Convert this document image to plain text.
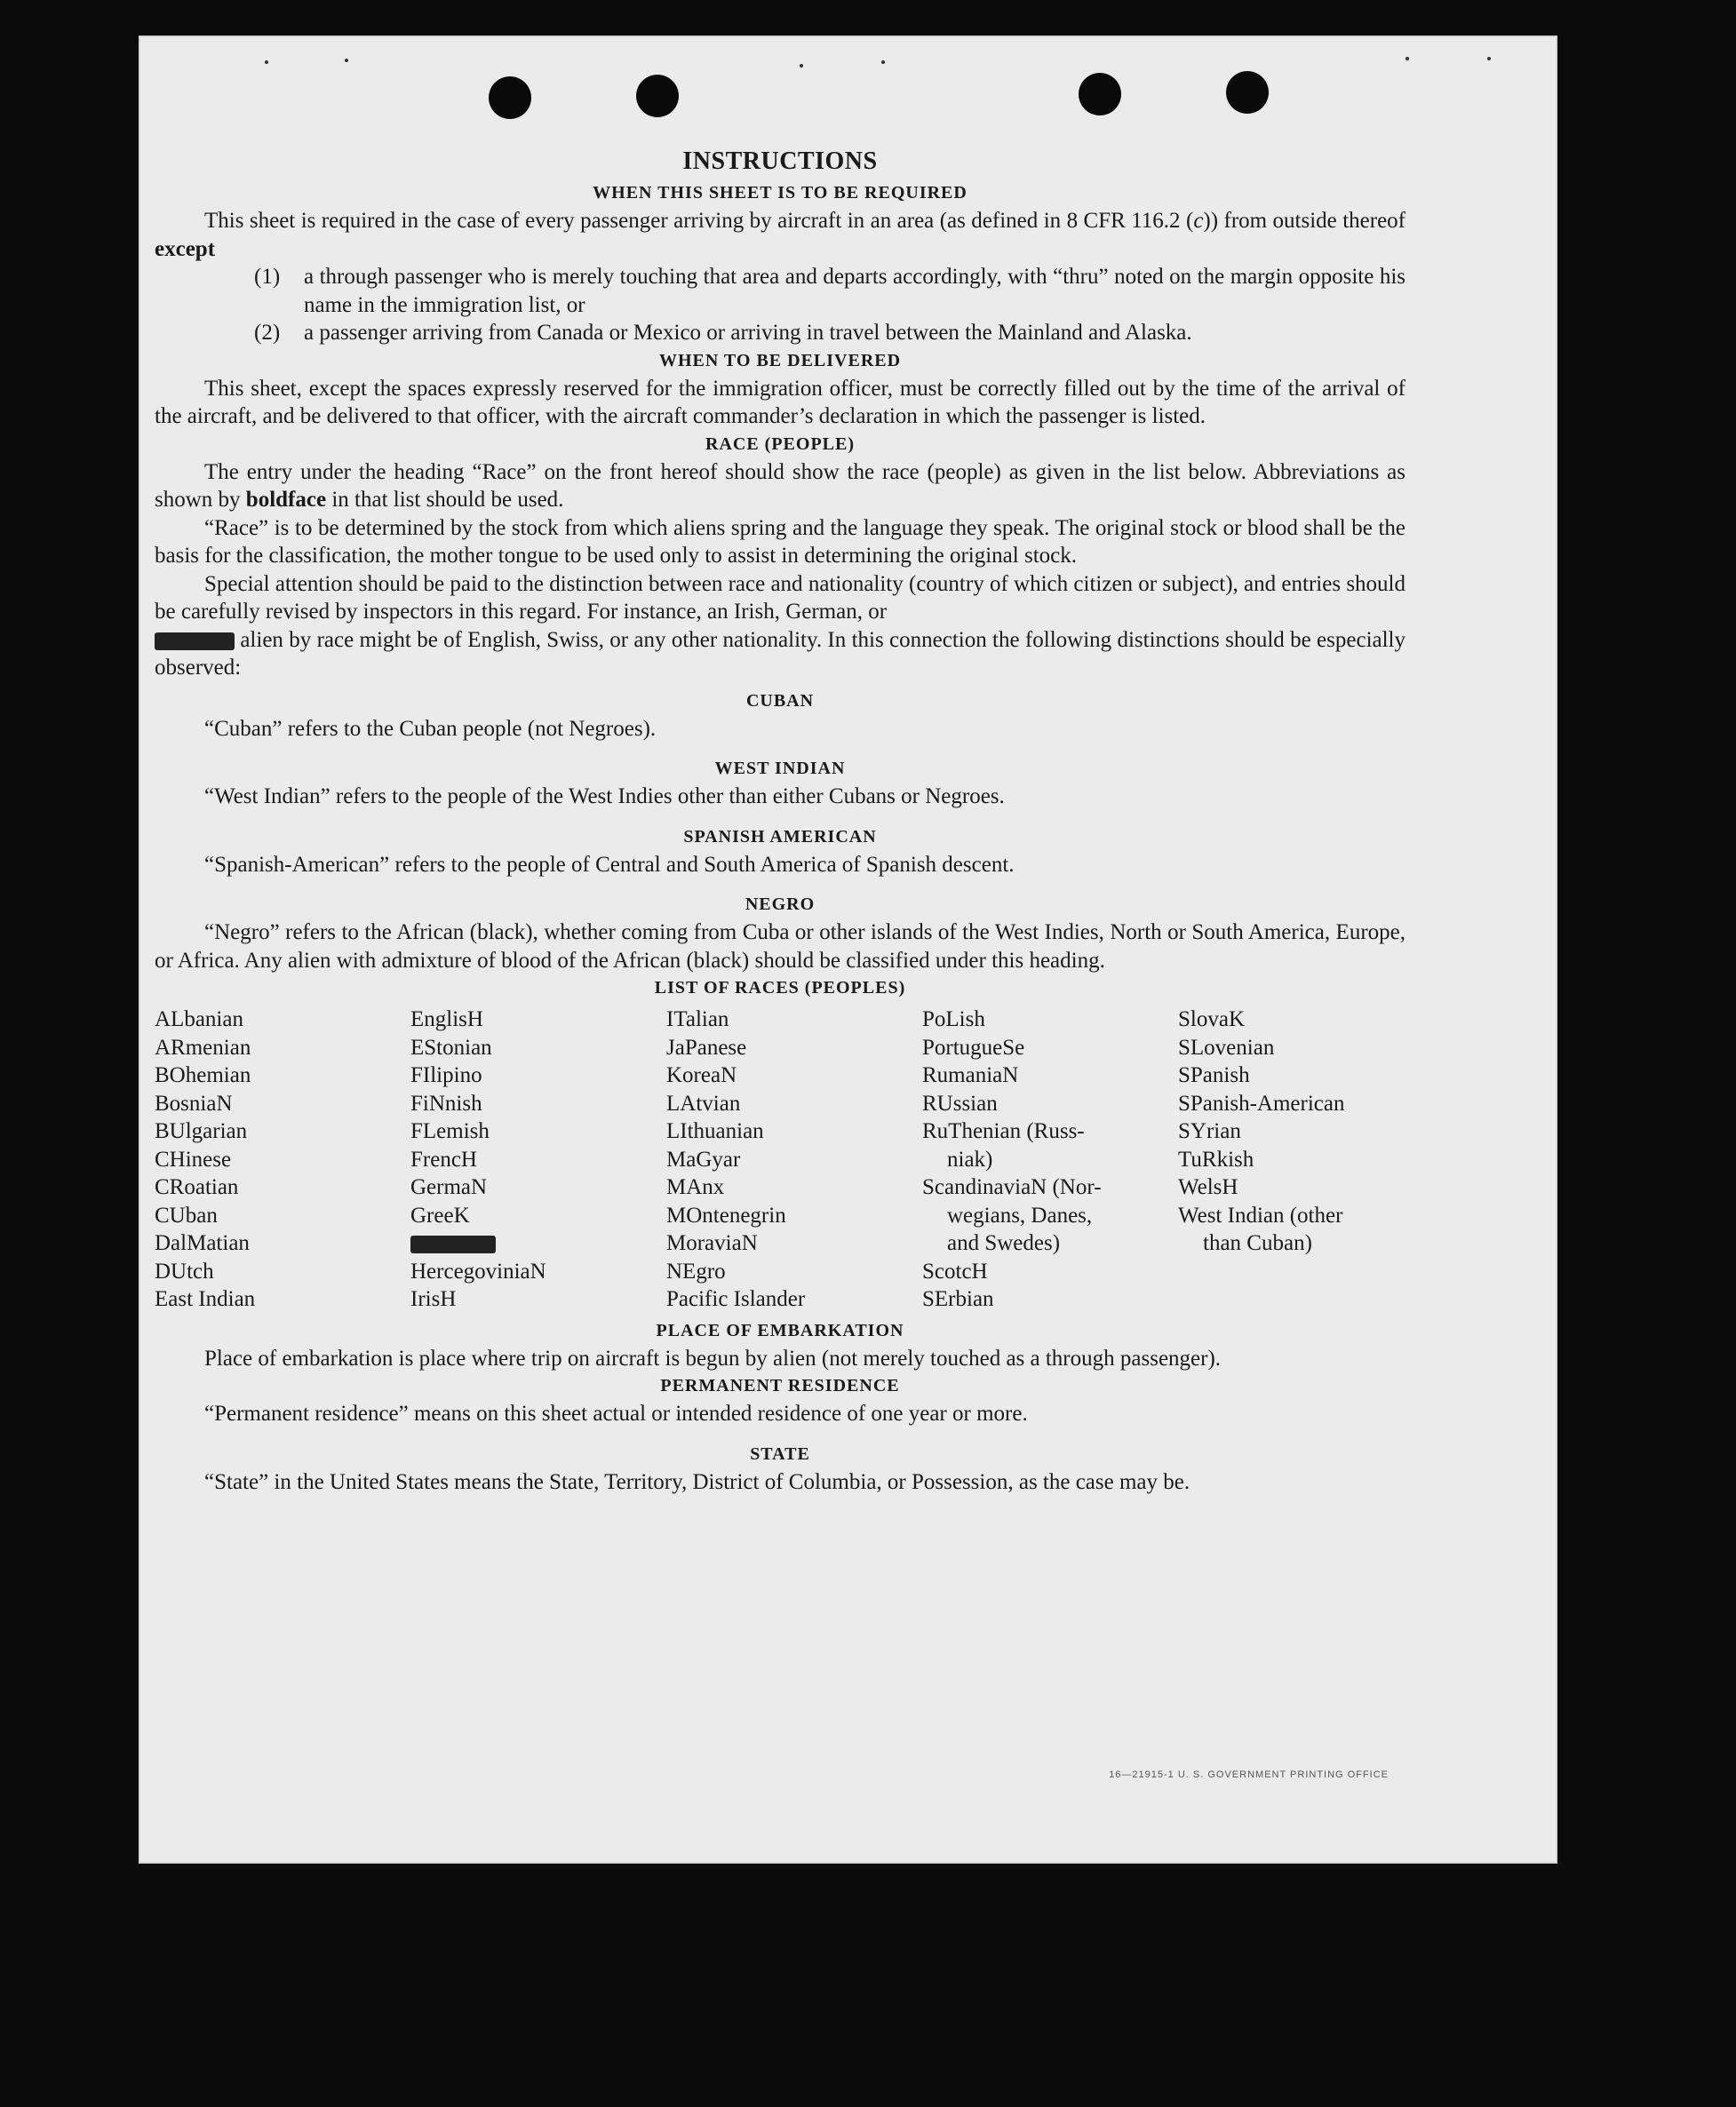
INSTRUCTIONS
WHEN THIS SHEET IS TO BE REQUIRED

This sheet is required in the case of every passenger arriving by aircraft in an area (as defined in 8 CFR 116.2 (c)) from outside thereof except

(1)	a through passenger who is merely touching that area and departs accordingly, with “thru” noted on the margin opposite his name in the immigration list, or
(2)	a passenger arriving from Canada or Mexico or arriving in travel between the Mainland and Alaska.
WHEN TO BE DELIVERED

This sheet, except the spaces expressly reserved for the immigration officer, must be correctly filled out by the time of the arrival of the aircraft, and be delivered to that officer, with the aircraft commander’s declaration in which the passenger is listed.

RACE (PEOPLE)

The entry under the heading “Race” on the front hereof should show the race (people) as given in the list below. Abbreviations as shown by boldface in that list should be used.

“Race” is to be determined by the stock from which aliens spring and the language they speak. The original stock or blood shall be the basis for the classification, the mother tongue to be used only to assist in determining the original stock.

Special attention should be paid to the distinction between race and nationality (country of which citizen or subject), and entries should be carefully revised by inspectors in this regard. For instance, an Irish, German, or
alien by race might be of English, Swiss, or any other nationality. In this connection the following distinctions should be especially observed:

CUBAN

“Cuban” refers to the Cuban people (not Negroes).

WEST INDIAN

“West Indian” refers to the people of the West Indies other than either Cubans or Negroes.

SPANISH AMERICAN

“Spanish-American” refers to the people of Central and South America of Spanish descent.

NEGRO

“Negro” refers to the African (black), whether coming from Cuba or other islands of the West Indies, North or South America, Europe, or Africa. Any alien with admixture of blood of the African (black) should be classified under this heading.

LIST OF RACES (PEOPLES)
ALbanian
ARmenian
BOhemian
BosniaN
BUlgarian
CHinese
CRoatian
CUban
DalMatian
DUtch
East Indian
EnglisH
EStonian
FIlipino
FiNnish
FLemish
FrencH
GermaN
GreeK
HercegoviniaN
IrisH
ITalian
JaPanese
KoreaN
LAtvian
LIthuanian
MaGyar
MAnx
MOntenegrin
MoraviaN
NEgro
Pacific Islander
PoLish
PortugueSe
RumaniaN
RUssian
RuThenian (Russ-
niak)
ScandinaviaN (Nor-
wegians, Danes,
and Swedes)
ScotcH
SErbian
SlovaK
SLovenian
SPanish
SPanish-American
SYrian
TuRkish
WelsH
West Indian (other
than Cuban)
PLACE OF EMBARKATION

Place of embarkation is place where trip on aircraft is begun by alien (not merely touched as a through passenger).

PERMANENT RESIDENCE

“Permanent residence” means on this sheet actual or intended residence of one year or more.

STATE

“State” in the United States means the State, Territory, District of Columbia, or Possession, as the case may be.

16—21915-1 U. S. GOVERNMENT PRINTING OFFICE
